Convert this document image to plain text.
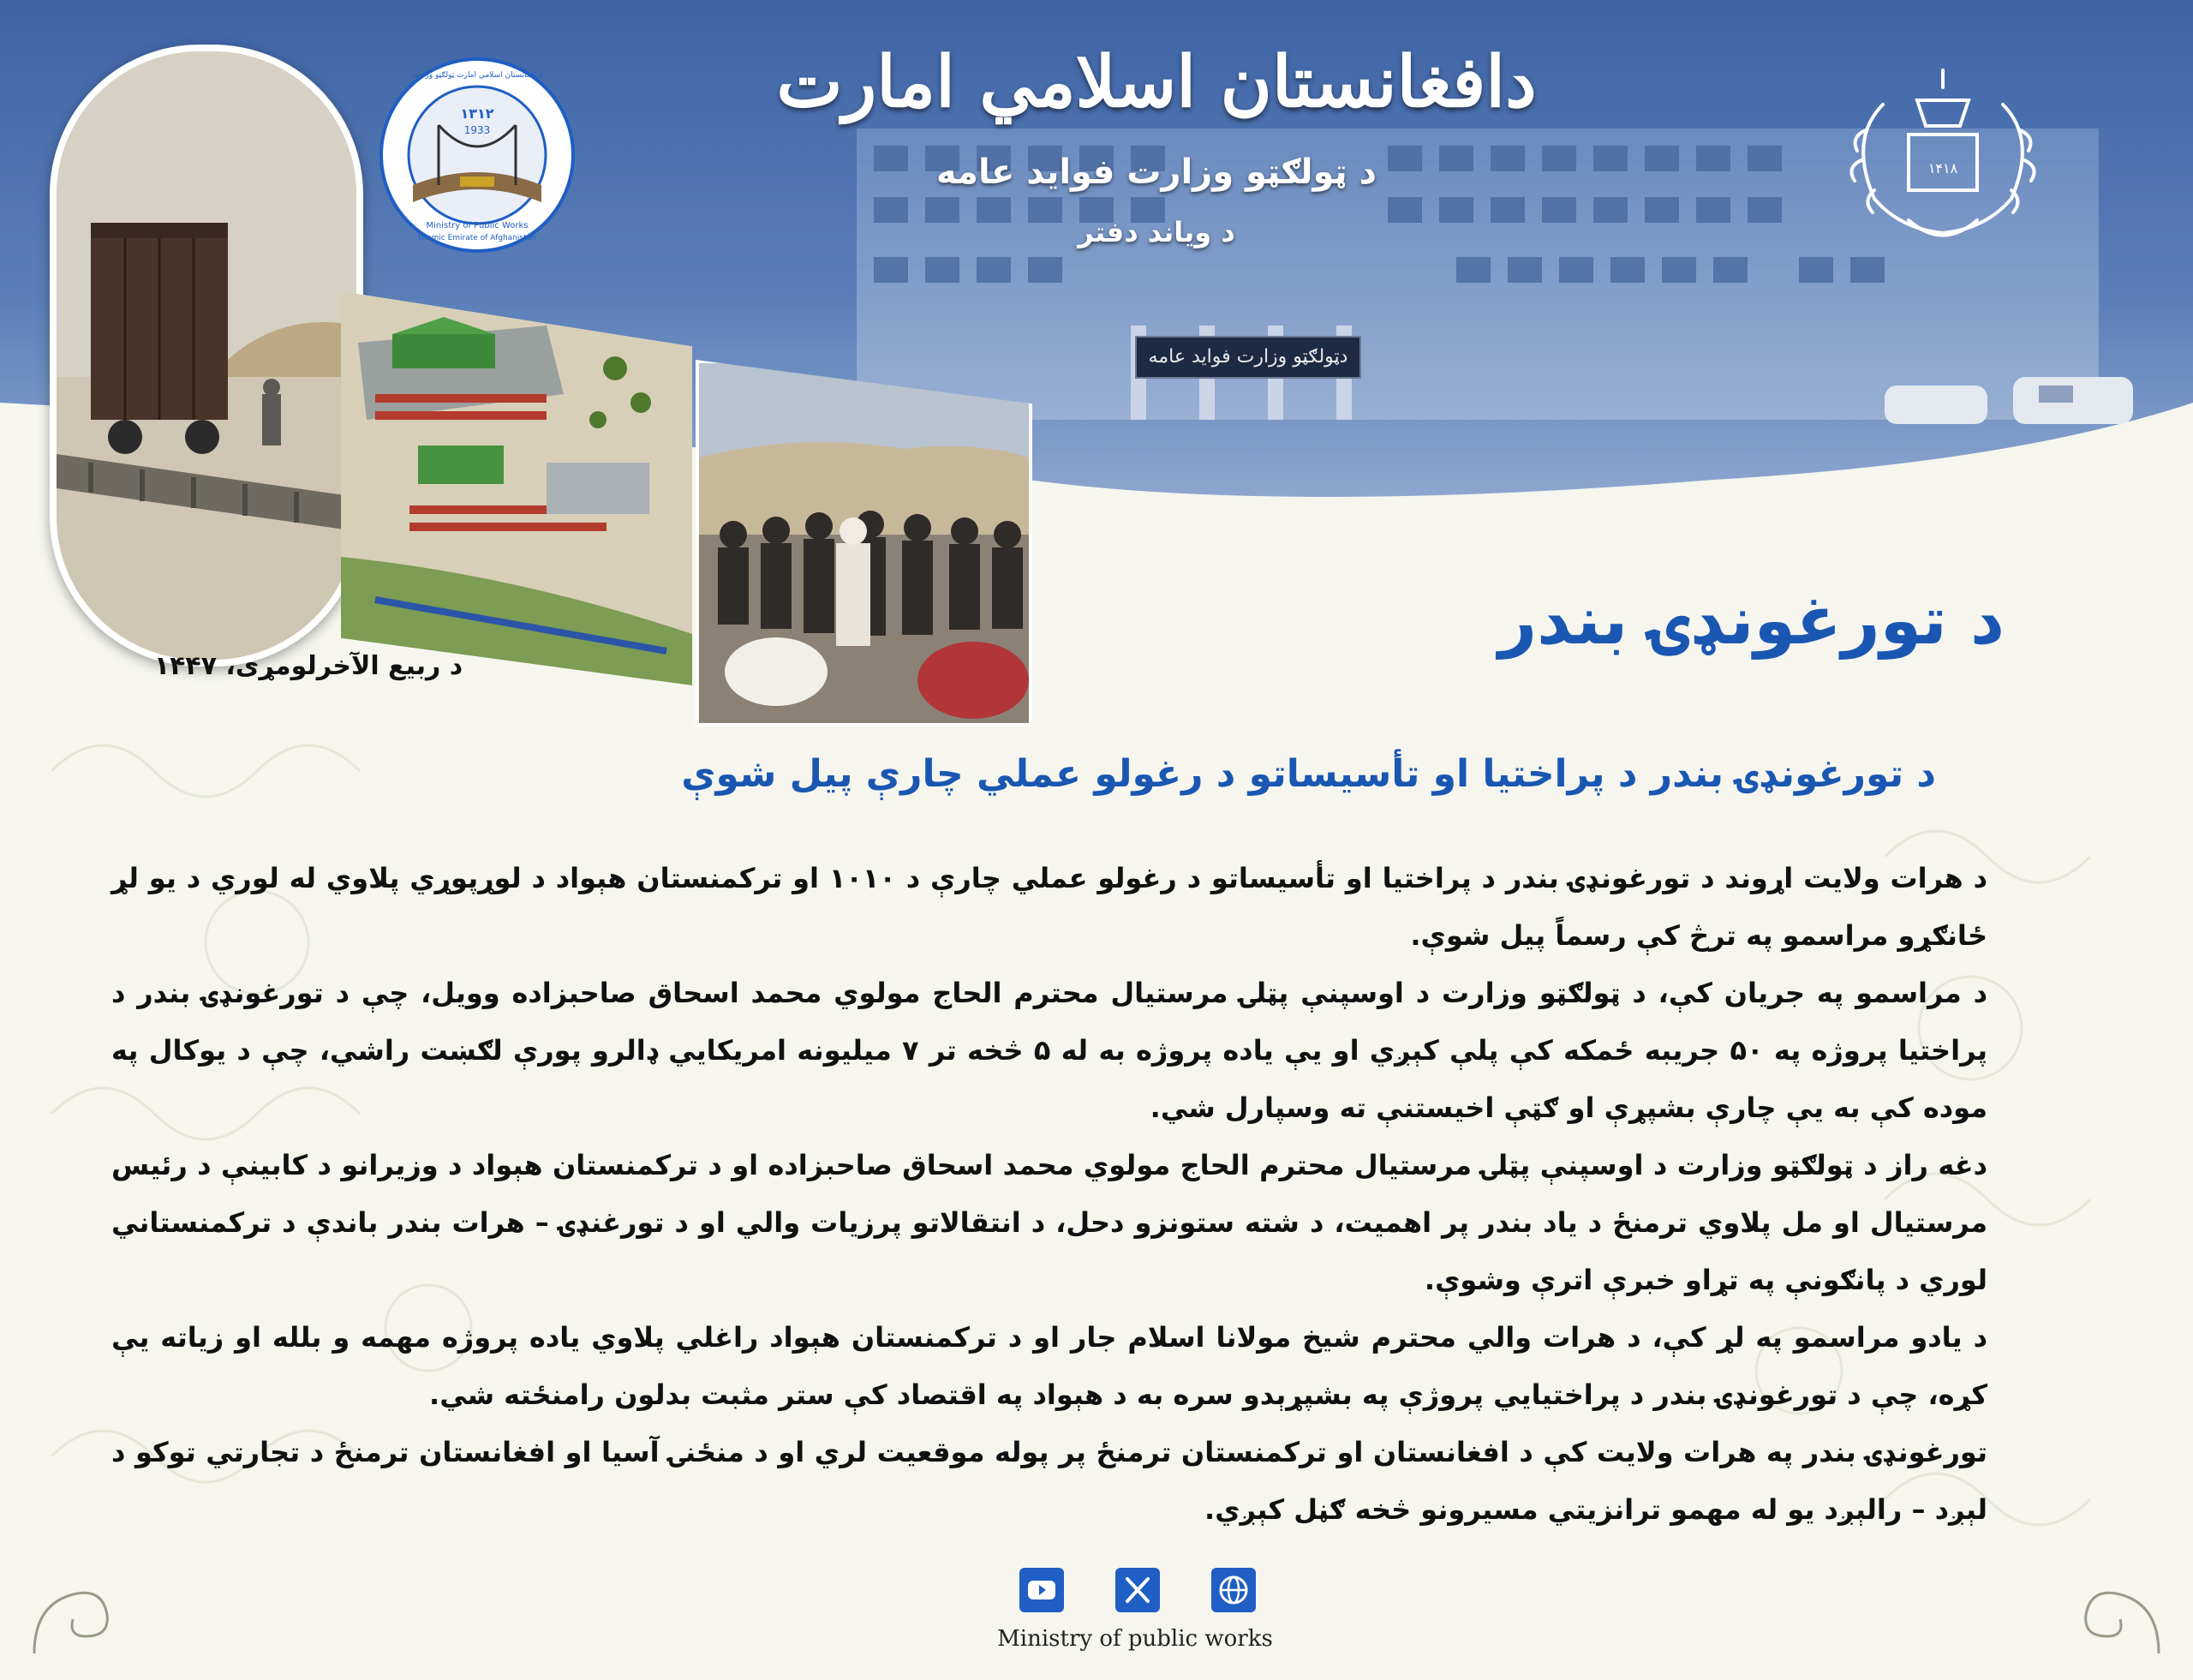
دافغانستان اسلامي امارت
د ټولګټو وزارت فوايد عامه
د وياند دفتر
دټولګټو وزارت فوايد عامه
۱۴۱۸
۱۳۱۲
1933
Ministry of Public Works
Islamic Emirate of Afghanistan
د افغانستان اسلامي امارت ټولګټو وزارت
د ربيع الآخرلومړی، ۱۴۴۷
د تورغونډۍ بندر
د تورغونډۍ بندر د پراختيا او تأسيساتو د رغولو عملي چارې پيل شوې

د هرات ولايت اړوند د تورغونډۍ بندر د پراختيا او تأسيساتو د رغولو عملي چارې د ۱۰۱۰ او ترکمنستان هېواد د لوړپوړي پلاوي له لوري د يو لړ ځانګړو مراسمو په ترڅ کې رسماً پيل شوې.

د مراسمو په جريان کې، د ټولګټو وزارت د اوسپنې پټلۍ مرستيال محترم الحاج مولوي محمد اسحاق صاحبزاده وويل، چې د تورغونډۍ بندر د پراختيا پروژه په ۵۰ جريبه ځمکه کې پلې کېږي او يې ياده پروژه به له ۵ څخه تر ۷ ميليونه امريکايي ډالرو پورې لګښت راشي، چې د يوکال په موده کې به يې چارې بشپړې او ګټې اخيستنې ته وسپارل شي.

دغه راز د ټولګټو وزارت د اوسپنې پټلۍ مرستيال محترم الحاج مولوي محمد اسحاق صاحبزاده او د ترکمنستان هېواد د وزيرانو د کابينې د رئيس مرستيال او مل پلاوي ترمنځ د ياد بندر پر اهميت، د شته ستونزو دحل، د انتقالاتو پرزيات والي او د تورغنډۍ – هرات بندر باندې د ترکمنستاني لوري د پانګونې په تړاو خبرې اترې وشوې.

د يادو مراسمو په لړ کې، د هرات والي محترم شيخ مولانا اسلام جار او د ترکمنستان هېواد راغلي پلاوي ياده پروژه مهمه و بلله او زياته يې کړه، چې د تورغونډۍ بندر د پراختيايي پروژې په بشپړېدو سره به د هېواد په اقتصاد کې ستر مثبت بدلون رامنځته شي.

تورغونډۍ بندر په هرات ولايت کې د افغانستان او ترکمنستان ترمنځ پر پوله موقعيت لري او د منځنۍ آسيا او افغانستان ترمنځ د تجارتي توکو د لېږد – رالېږد يو له مهمو ترانزيتي مسيرونو څخه ګڼل کېږي.

Ministry of public works
